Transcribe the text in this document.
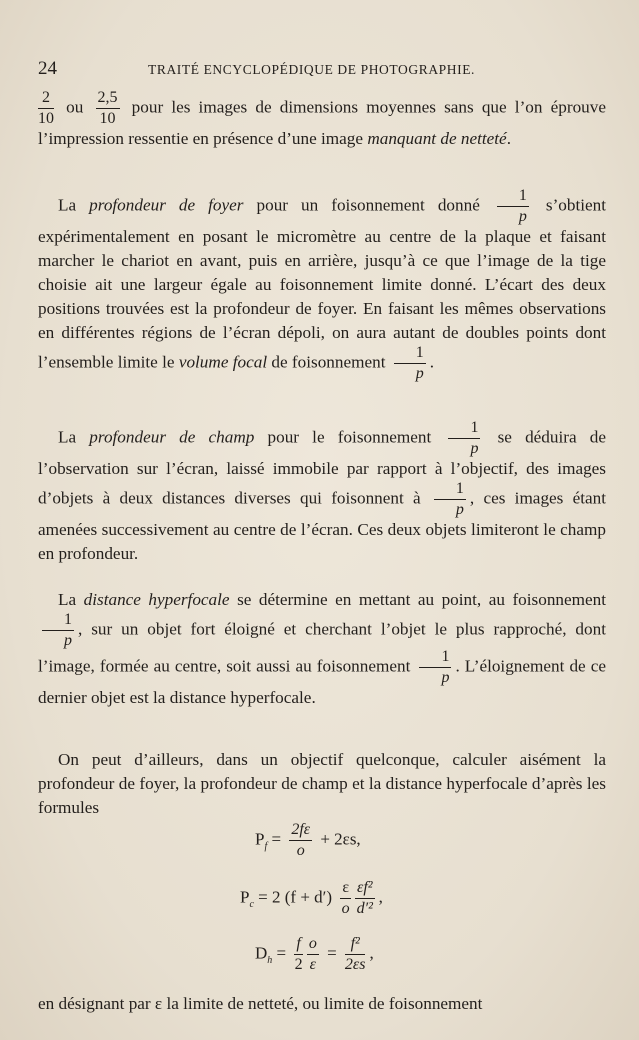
24	TRAITÉ ENCYCLOPÉDIQUE DE PHOTOGRAPHIE.
$\frac{2}{10}$ ou $\frac{2,5}{10}$ pour les images de dimensions moyennes sans que l’on éprouve l’impression ressentie en présence d’une image manquant de netteté.
La profondeur de foyer pour un foisonnement donné $\frac{1}{p}$ s’obtient expérimentalement en posant le micromètre au centre de la plaque et faisant marcher le chariot en avant, puis en arrière, jusqu’à ce que l’image de la tige choisie ait une largeur égale au foisonnement limite donné. L’écart des deux positions trouvées est la profondeur de foyer. En faisant les mêmes observations en différentes régions de l’écran dépoli, on aura autant de doubles points dont l’ensemble limite le volume focal de foisonnement $\frac{1}{p}$ .
La profondeur de champ pour le foisonnement $\frac{1}{p}$ se déduira de l’observation sur l’écran, laissé immobile par rapport à l’objectif, des images d’objets à deux distances diverses qui foisonnent à $\frac{1}{p}$ , ces images étant amenées successivement au centre de l’écran. Ces deux objets limiteront le champ en profondeur.
La distance hyperfocale se détermine en mettant au point, au foisonnement
$\frac{1}{p}$ , sur un objet fort éloigné et cherchant l’objet le plus rapproché, dont l’image, formée au centre, soit aussi au foisonnement $\frac{1}{p}$ . L’éloignement de ce dernier objet est la distance hyperfocale.
On peut d’ailleurs, dans un objectif quelconque, calculer aisément la profondeur de foyer, la profondeur de champ et la distance hyperfocale d’après les formules
$P_f = \frac{2f\varepsilon}{o} + 2\varepsilon s$,
$P_c = 2$ $(f + d') \frac{\varepsilon}{o} \frac{\text{εf²}}{\text{d′²}}$ ,
$D_h = \frac{f}{2} \frac{o}{\varepsilon} = \frac{\text{f²}}{2\varepsilon s}$ ,
en désignant par ε la limite de netteté, ou limite de foisonnement
